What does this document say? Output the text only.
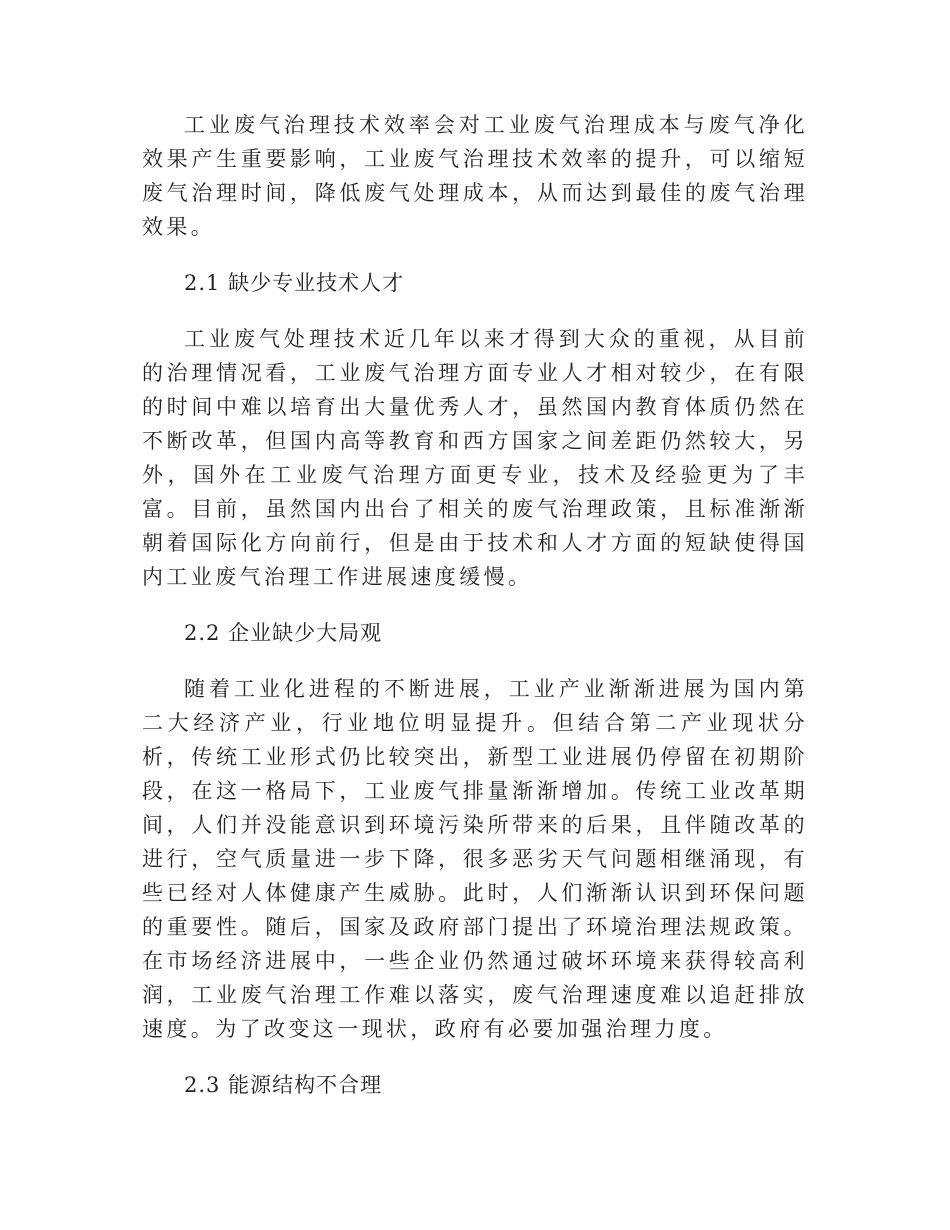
工业废气治理技术效率会对工业废气治理成本与废气净化效果产生重要影响，工业废气治理技术效率的提升，可以缩短废气治理时间，降低废气处理成本，从而达到最佳的废气治理效果。

2.1 缺少专业技术人才

工业废气处理技术近几年以来才得到大众的重视，从目前的治理情况看，工业废气治理方面专业人才相对较少，在有限的时间中难以培育出大量优秀人才，虽然国内教育体质仍然在不断改革，但国内高等教育和西方国家之间差距仍然较大，另外，国外在工业废气治理方面更专业，技术及经验更为了丰富。目前，虽然国内出台了相关的废气治理政策，且标准渐渐朝着国际化方向前行，但是由于技术和人才方面的短缺使得国内工业废气治理工作进展速度缓慢。

2.2 企业缺少大局观

随着工业化进程的不断进展，工业产业渐渐进展为国内第二大经济产业，行业地位明显提升。但结合第二产业现状分析，传统工业形式仍比较突出，新型工业进展仍停留在初期阶段，在这一格局下，工业废气排量渐渐增加。传统工业改革期间，人们并没能意识到环境污染所带来的后果，且伴随改革的进行，空气质量进一步下降，很多恶劣天气问题相继涌现，有些已经对人体健康产生威胁。此时，人们渐渐认识到环保问题的重要性。随后，国家及政府部门提出了环境治理法规政策。在市场经济进展中，一些企业仍然通过破坏环境来获得较高利润，工业废气治理工作难以落实，废气治理速度难以追赶排放速度。为了改变这一现状，政府有必要加强治理力度。

2.3 能源结构不合理
